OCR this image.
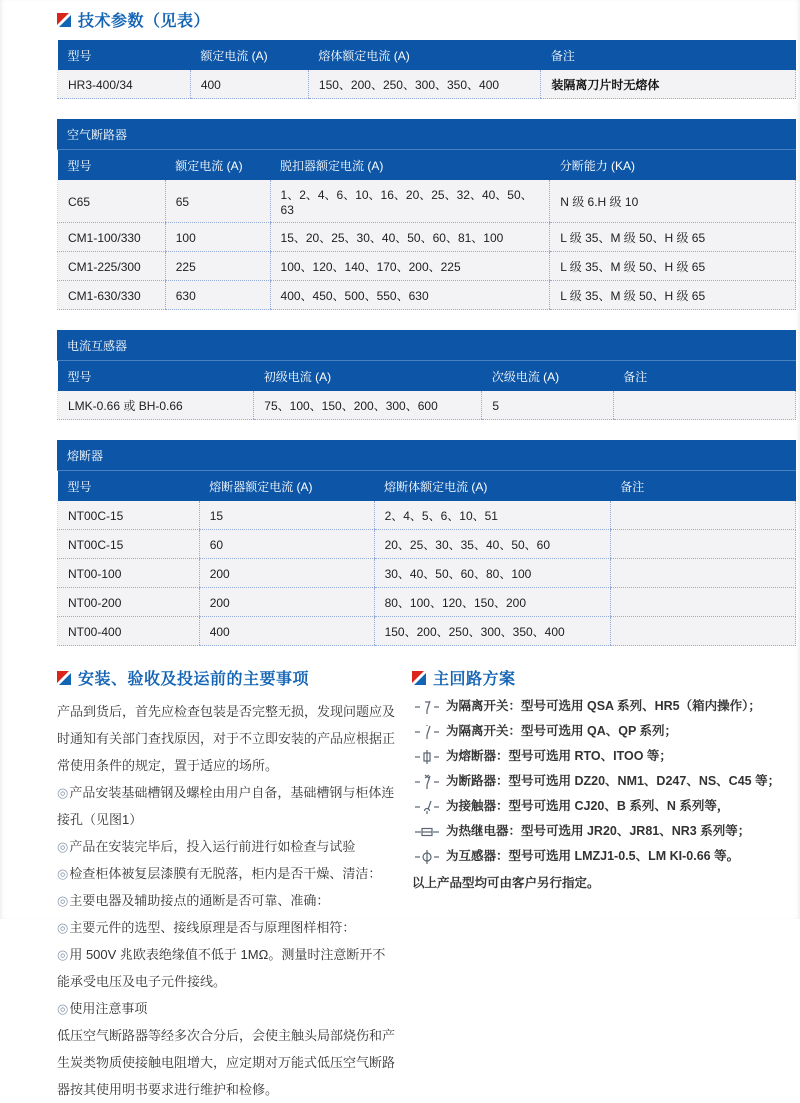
技术参数（见表）
型号	额定电流 (A)	熔体额定电流 (A)	备注
HR3-400/34	400	150、200、250、300、350、400	装隔离刀片时无熔体
空气断路器
型号	额定电流 (A)	脱扣器额定电流 (A)	分断能力 (KA)
C65	65	1、2、4、6、10、16、20、25、32、40、50、63	N 级 6.H 级 10
CM1-100/330	100	15、20、25、30、40、50、60、81、100	L 级 35、M 级 50、H 级 65
CM1-225/300	225	100、120、140、170、200、225	L 级 35、M 级 50、H 级 65
CM1-630/330	630	400、450、500、550、630	L 级 35、M 级 50、H 级 65
电流互感器
型号	初级电流 (A)	次级电流 (A)	备注
LMK-0.66 或 BH-0.66	75、100、150、200、300、600	5	
熔断器
型号	熔断器额定电流 (A)	熔断体额定电流 (A)	备注
NT00C-15	15	2、4、5、6、10、51	
NT00C-15	60	20、25、30、35、40、50、60	
NT00-100	200	30、40、50、60、80、100	
NT00-200	200	80、100、120、150、200	
NT00-400	400	150、200、250、300、350、400	
安装、验收及投运前的主要事项

产品到货后，首先应检查包装是否完整无损，发现问题应及时通知有关部门查找原因，对于不立即安装的产品应根据正常使用条件的规定，置于适应的场所。

◎产品安装基础槽钢及螺栓由用户自备，基础槽钢与柜体连接孔（见图1）

◎产品在安装完毕后，投入运行前进行如检查与试验

◎检查柜体被复层漆膜有无脱落，柜内是否干燥、清洁：

◎主要电器及辅助接点的通断是否可靠、准确：

◎主要元件的选型、接线原理是否与原理图样相符：

◎用 500V 兆欧表绝缘值不低于 1MΩ。测量时注意断开不能承受电压及电子元件接线。

◎使用注意事项

低压空气断路器等经多次合分后，会使主触头局部烧伤和产生炭类物质使接触电阻增大，应定期对万能式低压空气断路器按其使用明书要求进行维护和检修。

主回路方案
为隔离开关：型号可选用 QSA 系列、HR5（箱内操作）；
为隔离开关：型号可选用 QA、QP 系列；
为熔断器：型号可选用 RTO、ITOO 等；
为断路器：型号可选用 DZ20、NM1、D247、NS、C45 等；
为接触器：型号可选用 CJ20、B 系列、N 系列等，
为热继电器：型号可选用 JR20、JR81、NR3 系列等；
为互感器：型号可选用 LMZJ1-0.5、LM KI-0.66 等。
以上产品型均可由客户另行指定。
